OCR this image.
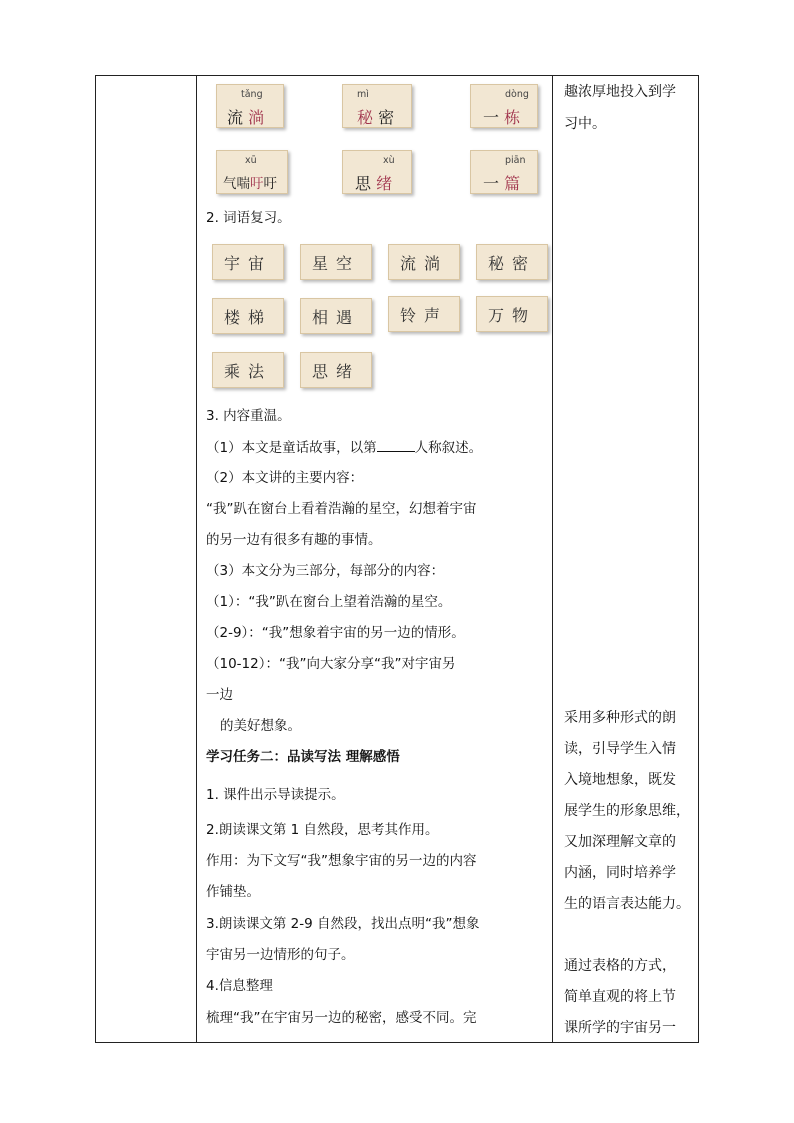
tǎng
流 淌
mì
秘 密
dòng
一 栋
xū
气喘吁吁
xù
思 绪
piān
一 篇
2. 词语复习。
宇宙	星空	流淌	秘密
楼梯	相遇	铃声	万物
乘法	思绪
3. 内容重温。
（1）本文是童话故事，以第	人称叙述。
（2）本文讲的主要内容：
“我”趴在窗台上看着浩瀚的星空，幻想着宇宙
的另一边有很多有趣的事情。
（3）本文分为三部分，每部分的内容：
（1）：“我”趴在窗台上望着浩瀚的星空。
（2-9）：“我”想象着宇宙的另一边的情形。
（10-12）：“我”向大家分享“我”对宇宙另
一边
的美好想象。
学习任务二：品读写法 理解感悟
1. 课件出示导读提示。
2.朗读课文第 1 自然段，思考其作用。
作用：为下文写“我”想象宇宙的另一边的内容
作铺垫。
3.朗读课文第 2-9 自然段，找出点明“我”想象
宇宙另一边情形的句子。
4.信息整理
梳理“我”在宇宙另一边的秘密，感受不同。完
趣浓厚地投入到学
习中。
采用多种形式的朗
读，引导学生入情
入境地想象，既发
展学生的形象思维，
又加深理解文章的
内涵，同时培养学
生的语言表达能力。
通过表格的方式，
简单直观的将上节
课所学的宇宙另一
